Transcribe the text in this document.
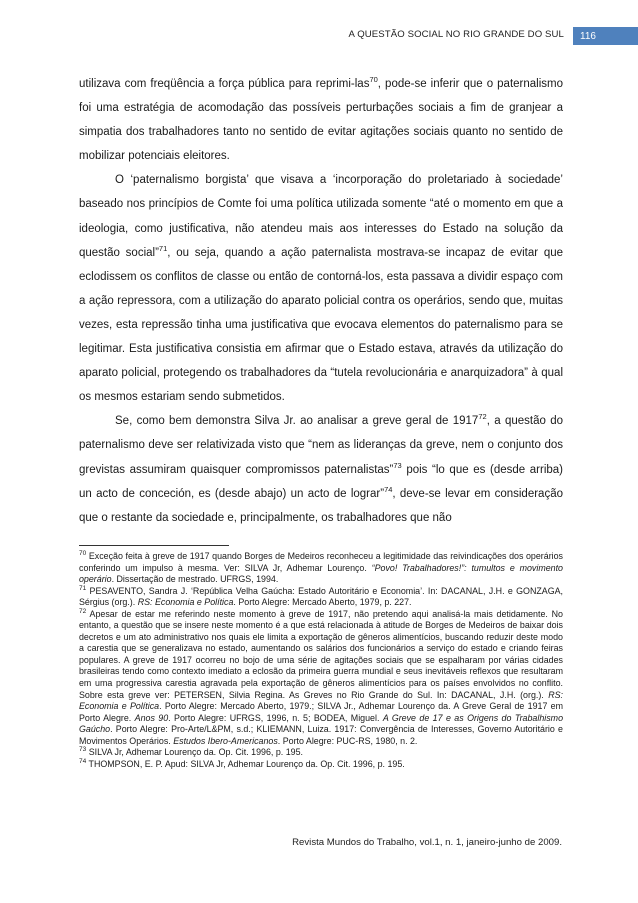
A QUESTÃO SOCIAL NO RIO GRANDE DO SUL	116

utilizava com freqüência a força pública para reprimi-las$^{70}$, pode-se inferir que o paternalismo foi uma estratégia de acomodação das possíveis perturbações sociais a fim de granjear a simpatia dos trabalhadores tanto no sentido de evitar agitações sociais quanto no sentido de mobilizar potenciais eleitores.

O ‘paternalismo borgista’ que visava a ‘incorporação do proletariado à sociedade’ baseado nos princípios de Comte foi uma política utilizada somente “até o momento em que a ideologia, como justificativa, não atendeu mais aos interesses do Estado na solução da questão social”$^{71}$, ou seja, quando a ação paternalista mostrava-se incapaz de evitar que eclodissem os conflitos de classe ou então de contorná-los, esta passava a dividir espaço com a ação repressora, com a utilização do aparato policial contra os operários, sendo que, muitas vezes, esta repressão tinha uma justificativa que evocava elementos do paternalismo para se legitimar. Esta justificativa consistia em afirmar que o Estado estava, através da utilização do aparato policial, protegendo os trabalhadores da “tutela revolucionária e anarquizadora” à qual os mesmos estariam sendo submetidos.

Se, como bem demonstra Silva Jr. ao analisar a greve geral de 1917$^{72}$, a questão do paternalismo deve ser relativizada visto que “nem as lideranças da greve, nem o conjunto dos grevistas assumiram quaisquer compromissos paternalistas”$^{73}$ pois “lo que es (desde arriba) un acto de conceción, es (desde abajo) un acto de lograr”$^{74}$, deve-se levar em consideração que o restante da sociedade e, principalmente, os trabalhadores que não

$^{70}$ Exceção feita à greve de 1917 quando Borges de Medeiros reconheceu a legitimidade das reivindicações dos operários conferindo um impulso à mesma. Ver: SILVA Jr, Adhemar Lourenço. “Povo! Trabalhadores!”: tumultos e movimento operário. Dissertação de mestrado. UFRGS, 1994.

$^{71}$ PESAVENTO, Sandra J. ‘República Velha Gaúcha: Estado Autoritário e Economia’. In: DACANAL, J.H. e GONZAGA, Sérgius (org.). RS: Economia e Política. Porto Alegre: Mercado Aberto, 1979, p. 227.

$^{72}$ Apesar de estar me referindo neste momento à greve de 1917, não pretendo aqui analisá-la mais detidamente. No entanto, a questão que se insere neste momento é a que está relacionada à atitude de Borges de Medeiros de baixar dois decretos e um ato administrativo nos quais ele limita a exportação de gêneros alimentícios, buscando reduzir deste modo a carestia que se generalizava no estado, aumentando os salários dos funcionários a serviço do estado e criando feiras populares. A greve de 1917 ocorreu no bojo de uma série de agitações sociais que se espalharam por várias cidades brasileiras tendo como contexto imediato a eclosão da primeira guerra mundial e seus inevitáveis reflexos que resultaram em uma progressiva carestia agravada pela exportação de gêneros alimentícios para os países envolvidos no conflito. Sobre esta greve ver: PETERSEN, Silvia Regina. As Greves no Rio Grande do Sul. In: DACANAL, J.H. (org.). RS: Economia e Política. Porto Alegre: Mercado Aberto, 1979.; SILVA Jr., Adhemar Lourenço da. A Greve Geral de 1917 em Porto Alegre. Anos 90. Porto Alegre: UFRGS, 1996, n. 5; BODEA, Miguel. A Greve de 17 e as Origens do Trabalhismo Gaúcho. Porto Alegre: Pro-Arte/L&PM, s.d.; KLIEMANN, Luiza. 1917: Convergência de Interesses, Governo Autoritário e Movimentos Operários. Estudos Ibero-Americanos. Porto Alegre: PUC-RS, 1980, n. 2.

$^{73}$ SILVA Jr, Adhemar Lourenço da. Op. Cit. 1996, p. 195.

$^{74}$ THOMPSON, E. P. Apud: SILVA Jr, Adhemar Lourenço da. Op. Cit. 1996, p. 195.

Revista Mundos do Trabalho, vol.1, n. 1, janeiro-junho de 2009.
